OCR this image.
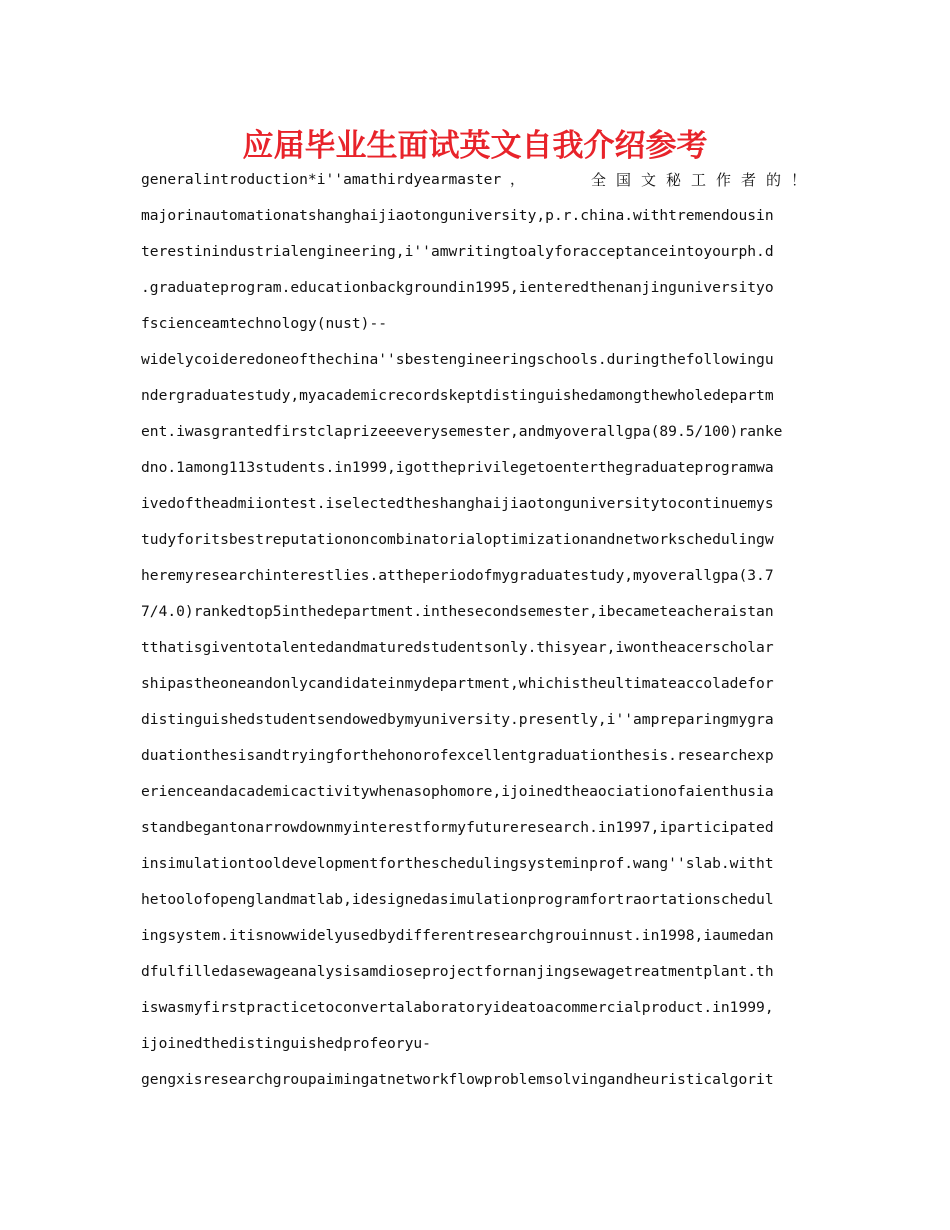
应届毕业生面试英文自我介绍参考
generalintroduction*i''amathirdyearmaster ，	全国文秘工作者的！
majorinautomationatshanghaijiaotonguniversity,p.r.china.withtremendousin
terestinindustrialengineering,i''amwritingtoalyforacceptanceintoyourph.d
.graduateprogram.educationbackgroundin1995,ienteredthenanjinguniversityo
fscienceamtechnology(nust)--
widelycoideredoneofthechina''sbestengineeringschools.duringthefollowingu
ndergraduatestudy,myacademicrecordskeptdistinguishedamongthewholedepartm
ent.iwasgrantedfirstclaprizeeeverysemester,andmyoverallgpa(89.5/100)ranke
dno.1among113students.in1999,igottheprivilegetoenterthegraduateprogramwa
ivedoftheadmiiontest.iselectedtheshanghaijiaotonguniversitytocontinuemys
tudyforitsbestreputationoncombinatorialoptimizationandnetworkschedulingw
heremyresearchinterestlies.attheperiodofmygraduatestudy,myoverallgpa(3.7
7/4.0)rankedtop5inthedepartment.inthesecondsemester,ibecameteacheraistan
tthatisgiventotalentedandmaturedstudentsonly.thisyear,iwontheacerscholar
shipastheoneandonlycandidateinmydepartment,whichistheultimateaccoladefor
distinguishedstudentsendowedbymyuniversity.presently,i''ampreparingmygra
duationthesisandtryingforthehonorofexcellentgraduationthesis.researchexp
erienceandacademicactivitywhenasophomore,ijoinedtheaociationofaienthusia
standbegantonarrowdownmyinterestformyfutureresearch.in1997,iparticipated
insimulationtooldevelopmentfortheschedulingsysteminprof.wang''slab.witht
hetoolofopenglandmatlab,idesignedasimulationprogramfortraortationschedul
ingsystem.itisnowwidelyusedbydifferentresearchgrouinnust.in1998,iaumedan
dfulfilledasewageanalysisamdioseprojectfornanjingsewagetreatmentplant.th
iswasmyfirstpracticetoconvertalaboratoryideatoacommercialproduct.in1999,
ijoinedthedistinguishedprofeoryu-
gengxisresearchgroupaimingatnetworkflowproblemsolvingandheuristicalgorit
